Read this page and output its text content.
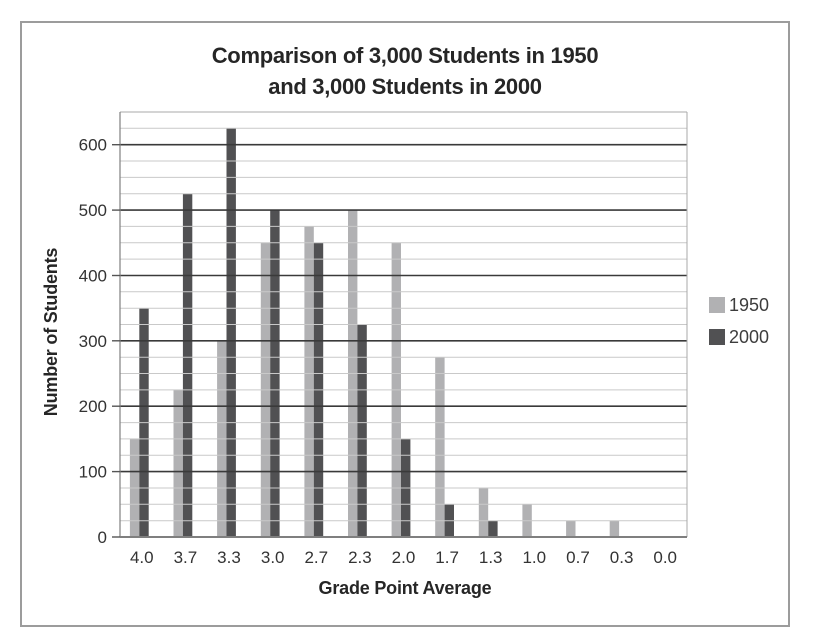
Comparison of 3,000 Students in 1950
and 3,000 Students in 2000
0
100
200
300
400
500
600
4.0 3.7 3.3 3.0 2.7 2.3 2.0 1.7 1.3 1.0 0.7 0.3 0.0
Number of Students
Grade Point Average
1950
2000
